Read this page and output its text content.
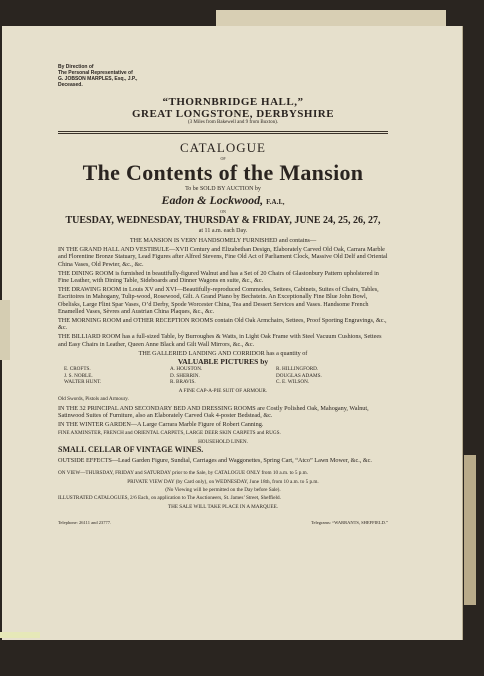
By Direction of
The Personal Representative of
G. JOBSON MARPLES, Esq., J.P.,
Deceased.
“THORNBRIDGE HALL,”
GREAT LONGSTONE, DERBYSHIRE
(3 Miles from Bakewell and 9 from Buxton).
CATALOGUE
OF
The Contents of the Mansion
To be SOLD BY AUCTION by
Eadon & Lockwood, F.A.I.,
ON
TUESDAY, WEDNESDAY, THURSDAY & FRIDAY, JUNE 24, 25, 26, 27,
at 11 a.m. each Day.
THE MANSION IS VERY HANDSOMELY FURNISHED and contains—
IN THE GRAND HALL AND VESTIBULE—XVII Century and Elizabethan Design, Elaborately Carved Old Oak, Carrara Marble and Florentine Bronze Statuary, Lead Figures after Alfred Stevens, Fine Old Act of Parliament Clock, Massive Old Delf and Oriental China Vases, Old Pewter, &c., &c.
THE DINING ROOM is furnished in beautifully-figured Walnut and has a Set of 20 Chairs of Glastonbury Pattern upholstered in Fine Leather, with Dining Table, Sideboards and Dinner Wagons en suite, &c., &c.
THE DRAWING ROOM in Louis XV and XVI—Beautifully-reproduced Commodes, Settees, Cabinets, Suites of Chairs, Tables, Escritoires in Mahogany, Tulip-wood, Rosewood, Gilt. A Grand Piano by Bechstein. An Exceptionally Fine Blue John Bowl, Obelisks, Large Flint Spar Vases, O’d Derby, Spode Worcester China, Tea and Dessert Services and Vases. Handsome French Enamelled Vases, Sèvres and Austrian China Plaques, &c., &c.
THE MORNING ROOM and OTHER RECEPTION ROOMS contain Old Oak Armchairs, Settees, Proof Sporting Engravings, &c., &c.
THE BILLIARD ROOM has a full-sized Table, by Burroughes & Watts, in Light Oak Frame with Steel Vacuum Cushions, Settees and Easy Chairs in Leather, Queen Anne Black and Gilt Wall Mirrors, &c., &c.
THE GALLERIED LANDING AND CORRIDOR has a quantity of
VALUABLE PICTURES by
E. CROFTS.	A. HOUSTON.	R. HILLINGFORD.
J. S. NOBLE.	D. SHERRIN.	DOUGLAS ADAMS.
WALTER HUNT.	R. BRAVIS.	C. E. WILSON.
A FINE CAP-A-PIE SUIT OF ARMOUR.
Old Swords, Pistols and Armoury.
IN THE 32 PRINCIPAL AND SECONDARY BED AND DRESSING ROOMS are Costly Polished Oak, Mahogany, Walnut, Satinwood Suites of Furniture, also an Elaborately Carved Oak 4-poster Bedstead, &c.
IN THE WINTER GARDEN—A Large Carrara Marble Figure of Robert Canning.
FINE AXMINSTER, FRENCH and ORIENTAL CARPETS, LARGE DEER SKIN CARPETS and RUGS.
HOUSEHOLD LINEN.
SMALL CELLAR OF VINTAGE WINES.
OUTSIDE EFFECTS—Lead Garden Figure, Sundial, Carriages and Waggonettes, Spring Cart, “Atco” Lawn Mower, &c., &c.
ON VIEW—THURSDAY, FRIDAY and SATURDAY prior to the Sale, by CATALOGUE ONLY from 10 a.m. to 5 p.m.
PRIVATE VIEW DAY (by Card only), on WEDNESDAY, June 18th, from 10 a.m. to 5 p.m.
(No Viewing will be permitted on the Day before Sale).
ILLUSTRATED CATALOGUES, 2/6 Each, on application to The Auctioneers, St. James’ Street, Sheffield.
THE SALE WILL TAKE PLACE IN A MARQUEE.
Telephone: 26111 and 23777.	Telegrams: “WARRANTS, SHEFFIELD.”
